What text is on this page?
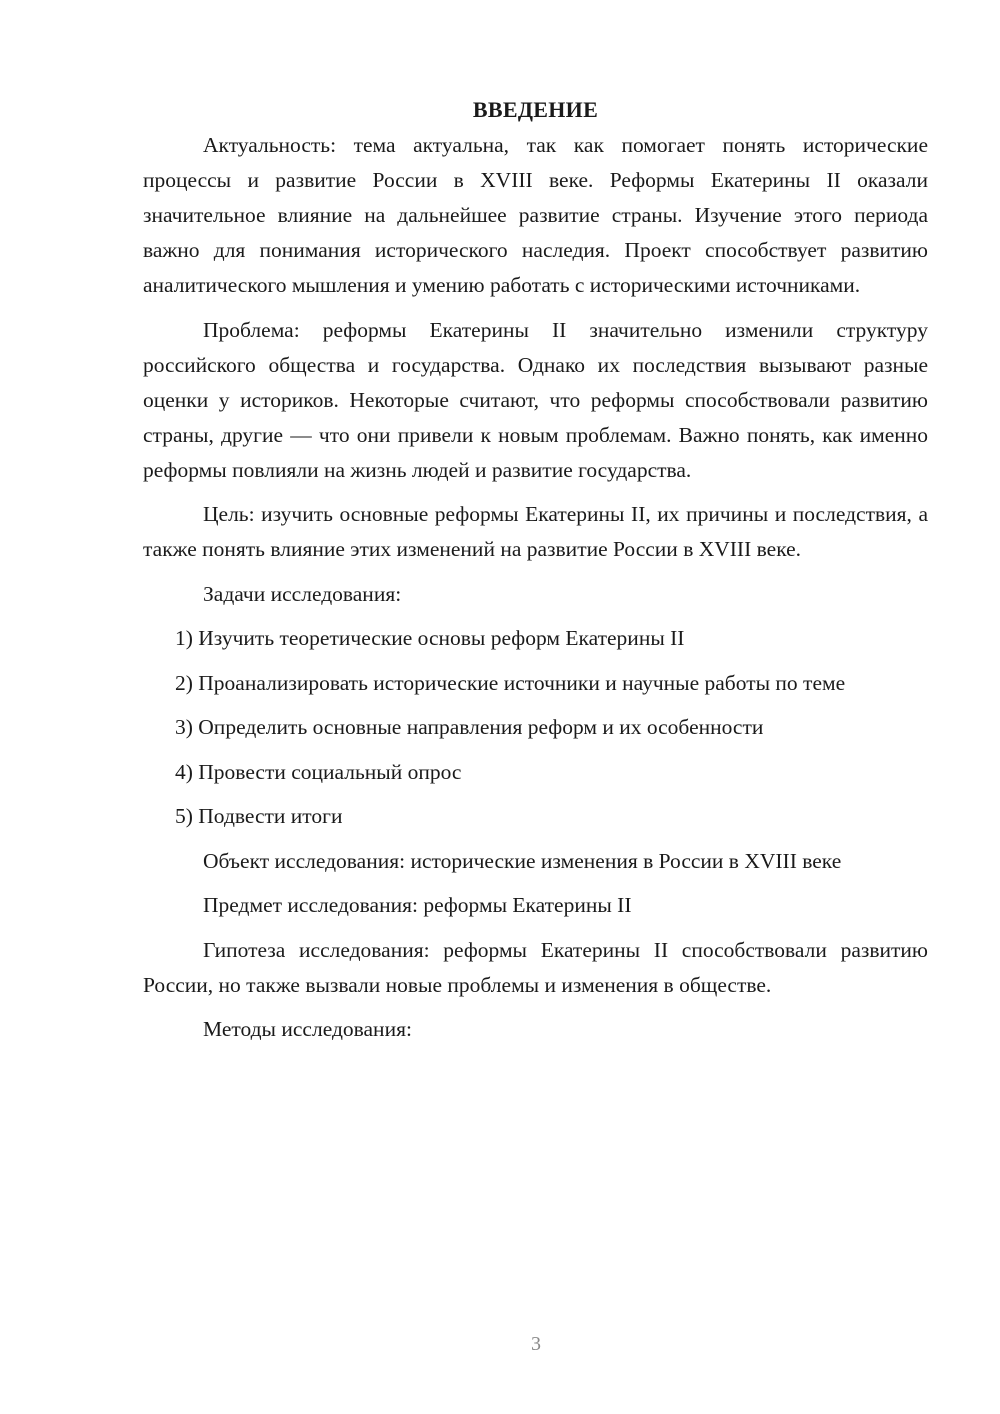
ВВЕДЕНИЕ

Актуальность: тема актуальна, так как помогает понять исторические процессы и развитие России в XVIII веке. Реформы Екатерины II оказали значительное влияние на дальнейшее развитие страны. Изучение этого периода важно для понимания исторического наследия. Проект способствует развитию аналитического мышления и умению работать с историческими источниками.

Проблема: реформы Екатерины II значительно изменили структуру российского общества и государства. Однако их последствия вызывают разные оценки у историков. Некоторые считают, что реформы способствовали развитию страны, другие — что они привели к новым проблемам. Важно понять, как именно реформы повлияли на жизнь людей и развитие государства.

Цель: изучить основные реформы Екатерины II, их причины и последствия, а также понять влияние этих изменений на развитие России в XVIII веке.

Задачи исследования:

1) Изучить теоретические основы реформ Екатерины II

2) Проанализировать исторические источники и научные работы по теме

3) Определить основные направления реформ и их особенности

4) Провести социальный опрос

5) Подвести итоги

Объект исследования: исторические изменения в России в XVIII веке

Предмет исследования: реформы Екатерины II

Гипотеза исследования: реформы Екатерины II способствовали развитию России, но также вызвали новые проблемы и изменения в обществе.

Методы исследования:

3
